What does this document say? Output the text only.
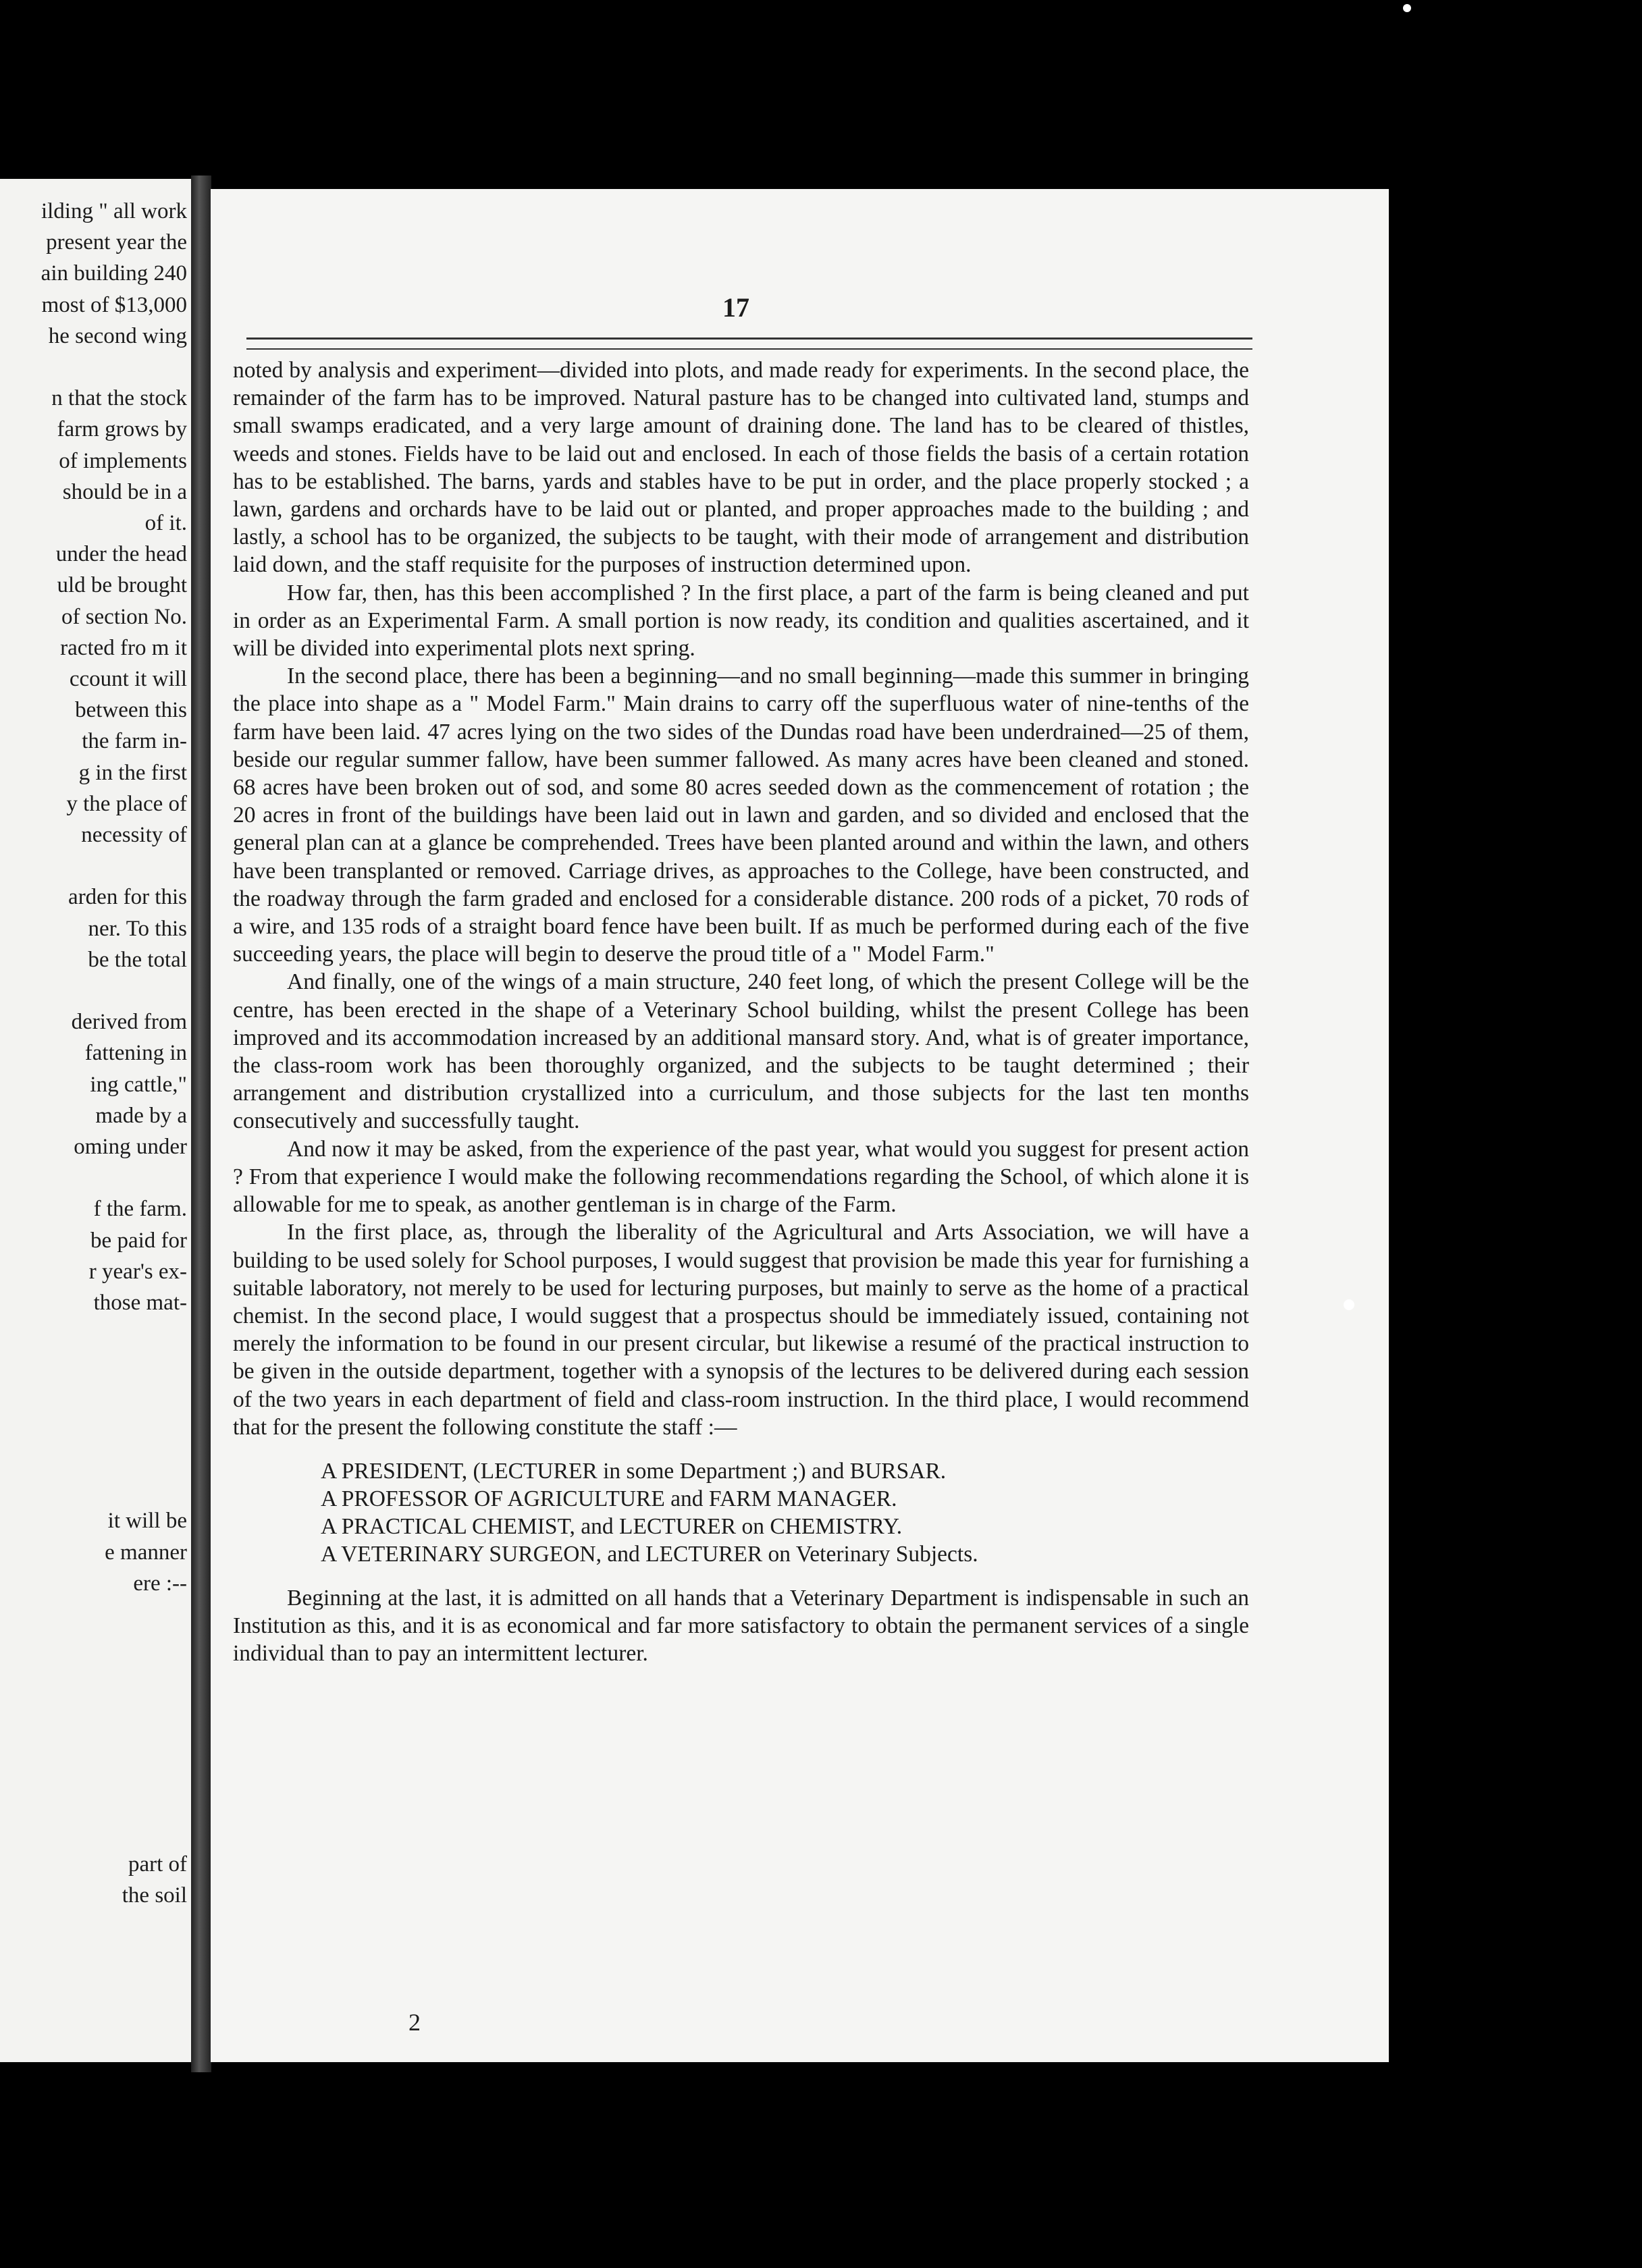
ilding " all work
present year the
ain building 240
most of $13,000
he second wing
n that the stock
farm grows by
of implements
should be in a
of it.
under the head
uld be brought
of section No.
racted fro m it
ccount it will
between this
the farm in-
g in the first
y the place of
necessity of
arden for this
ner. To this
be the total
derived from
fattening in
ing cattle,"
made by a
oming under
f the farm.
be paid for
r year's ex-
those mat-
it will be
e manner
ere :--
part of
the soil
17

noted by analysis and experiment—divided into plots, and made ready for experiments. In the second place, the remainder of the farm has to be improved. Natural pasture has to be changed into cultivated land, stumps and small swamps eradicated, and a very large amount of draining done. The land has to be cleared of thistles, weeds and stones. Fields have to be laid out and enclosed. In each of those fields the basis of a certain rotation has to be established. The barns, yards and stables have to be put in order, and the place properly stocked ; a lawn, gardens and orchards have to be laid out or planted, and proper approaches made to the building ; and lastly, a school has to be organized, the subjects to be taught, with their mode of arrangement and distribution laid down, and the staff requisite for the purposes of instruction determined upon.

How far, then, has this been accomplished ? In the first place, a part of the farm is being cleaned and put in order as an Experimental Farm. A small portion is now ready, its condition and qualities ascertained, and it will be divided into experimental plots next spring.

In the second place, there has been a beginning—and no small beginning—made this summer in bringing the place into shape as a " Model Farm." Main drains to carry off the superfluous water of nine-tenths of the farm have been laid. 47 acres lying on the two sides of the Dundas road have been underdrained—25 of them, beside our regular summer fallow, have been summer fallowed. As many acres have been cleaned and stoned. 68 acres have been broken out of sod, and some 80 acres seeded down as the commencement of rotation ; the 20 acres in front of the buildings have been laid out in lawn and garden, and so divided and enclosed that the general plan can at a glance be comprehended. Trees have been planted around and within the lawn, and others have been transplanted or removed. Carriage drives, as approaches to the College, have been constructed, and the roadway through the farm graded and enclosed for a considerable distance. 200 rods of a picket, 70 rods of a wire, and 135 rods of a straight board fence have been built. If as much be performed during each of the five succeeding years, the place will begin to deserve the proud title of a " Model Farm."

And finally, one of the wings of a main structure, 240 feet long, of which the present College will be the centre, has been erected in the shape of a Veterinary School building, whilst the present College has been improved and its accommodation increased by an additional mansard story. And, what is of greater importance, the class-room work has been thoroughly organized, and the subjects to be taught determined ; their arrangement and distribution crystallized into a curriculum, and those subjects for the last ten months consecutively and successfully taught.

And now it may be asked, from the experience of the past year, what would you suggest for present action ? From that experience I would make the following recommendations regarding the School, of which alone it is allowable for me to speak, as another gentleman is in charge of the Farm.

In the first place, as, through the liberality of the Agricultural and Arts Association, we will have a building to be used solely for School purposes, I would suggest that provision be made this year for furnishing a suitable laboratory, not merely to be used for lecturing purposes, but mainly to serve as the home of a practical chemist. In the second place, I would suggest that a prospectus should be immediately issued, containing not merely the information to be found in our present circular, but likewise a resumé of the practical instruction to be given in the outside department, together with a synopsis of the lectures to be delivered during each session of the two years in each department of field and class-room instruction. In the third place, I would recommend that for the present the following constitute the staff :—

A PRESIDENT, (LECTURER in some Department ;) and BURSAR.
A PROFESSOR OF AGRICULTURE and FARM MANAGER.
A PRACTICAL CHEMIST, and LECTURER on CHEMISTRY.
A VETERINARY SURGEON, and LECTURER on Veterinary Subjects.

Beginning at the last, it is admitted on all hands that a Veterinary Department is indispensable in such an Institution as this, and it is as economical and far more satisfactory to obtain the permanent services of a single individual than to pay an intermittent lecturer.

2
